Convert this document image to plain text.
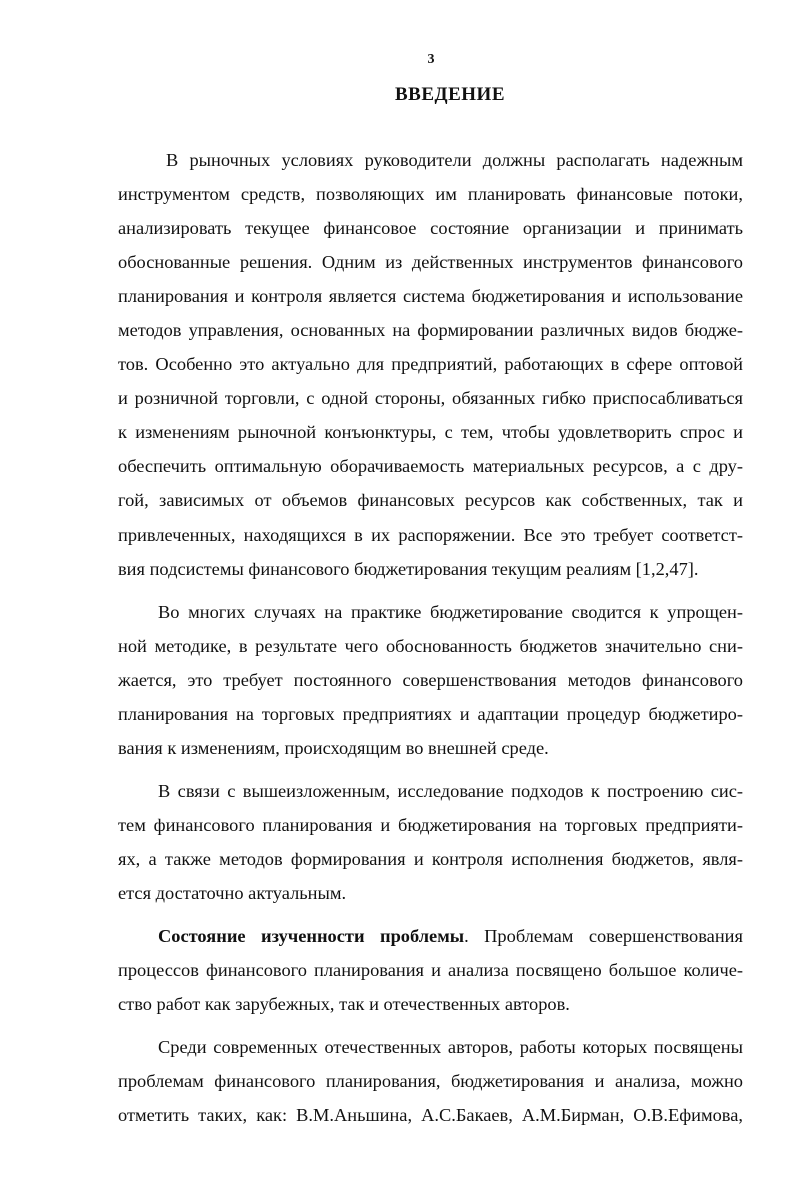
3
ВВЕДЕНИЕ
В рыночных условиях руководители должны располагать надежным
инструментом средств, позволяющих им планировать финансовые потоки,
анализировать текущее финансовое состояние организации и принимать
обоснованные решения. Одним из действенных инструментов финансового
планирования и контроля является система бюджетирования и использование
методов управления, основанных на формировании различных видов бюдже-
тов. Особенно это актуально для предприятий, работающих в сфере оптовой
и розничной торговли, с одной стороны, обязанных гибко приспосабливаться
к изменениям рыночной конъюнктуры, с тем, чтобы удовлетворить спрос и
обеспечить оптимальную оборачиваемость материальных ресурсов, а с дру-
гой, зависимых от объемов финансовых ресурсов как собственных, так и
привлеченных, находящихся в их распоряжении. Все это требует соответст-
вия подсистемы финансового бюджетирования текущим реалиям [1,2,47].
Во многих случаях на практике бюджетирование сводится к упрощен-
ной методике, в результате чего обоснованность бюджетов значительно сни-
жается, это требует постоянного совершенствования методов финансового
планирования на торговых предприятиях и адаптации процедур бюджетиро-
вания к изменениям, происходящим во внешней среде.
В связи с вышеизложенным, исследование подходов к построению сис-
тем финансового планирования и бюджетирования на торговых предприяти-
ях, а также методов формирования и контроля исполнения бюджетов, явля-
ется достаточно актуальным.
Состояние изученности проблемы. Проблемам совершенствования
процессов финансового планирования и анализа посвящено большое количе-
ство работ как зарубежных, так и отечественных авторов.
Среди современных отечественных авторов, работы которых посвящены
проблемам финансового планирования, бюджетирования и анализа, можно
отметить таких, как: В.М.Аньшина, А.С.Бакаев, А.М.Бирман, О.В.Ефимова,
